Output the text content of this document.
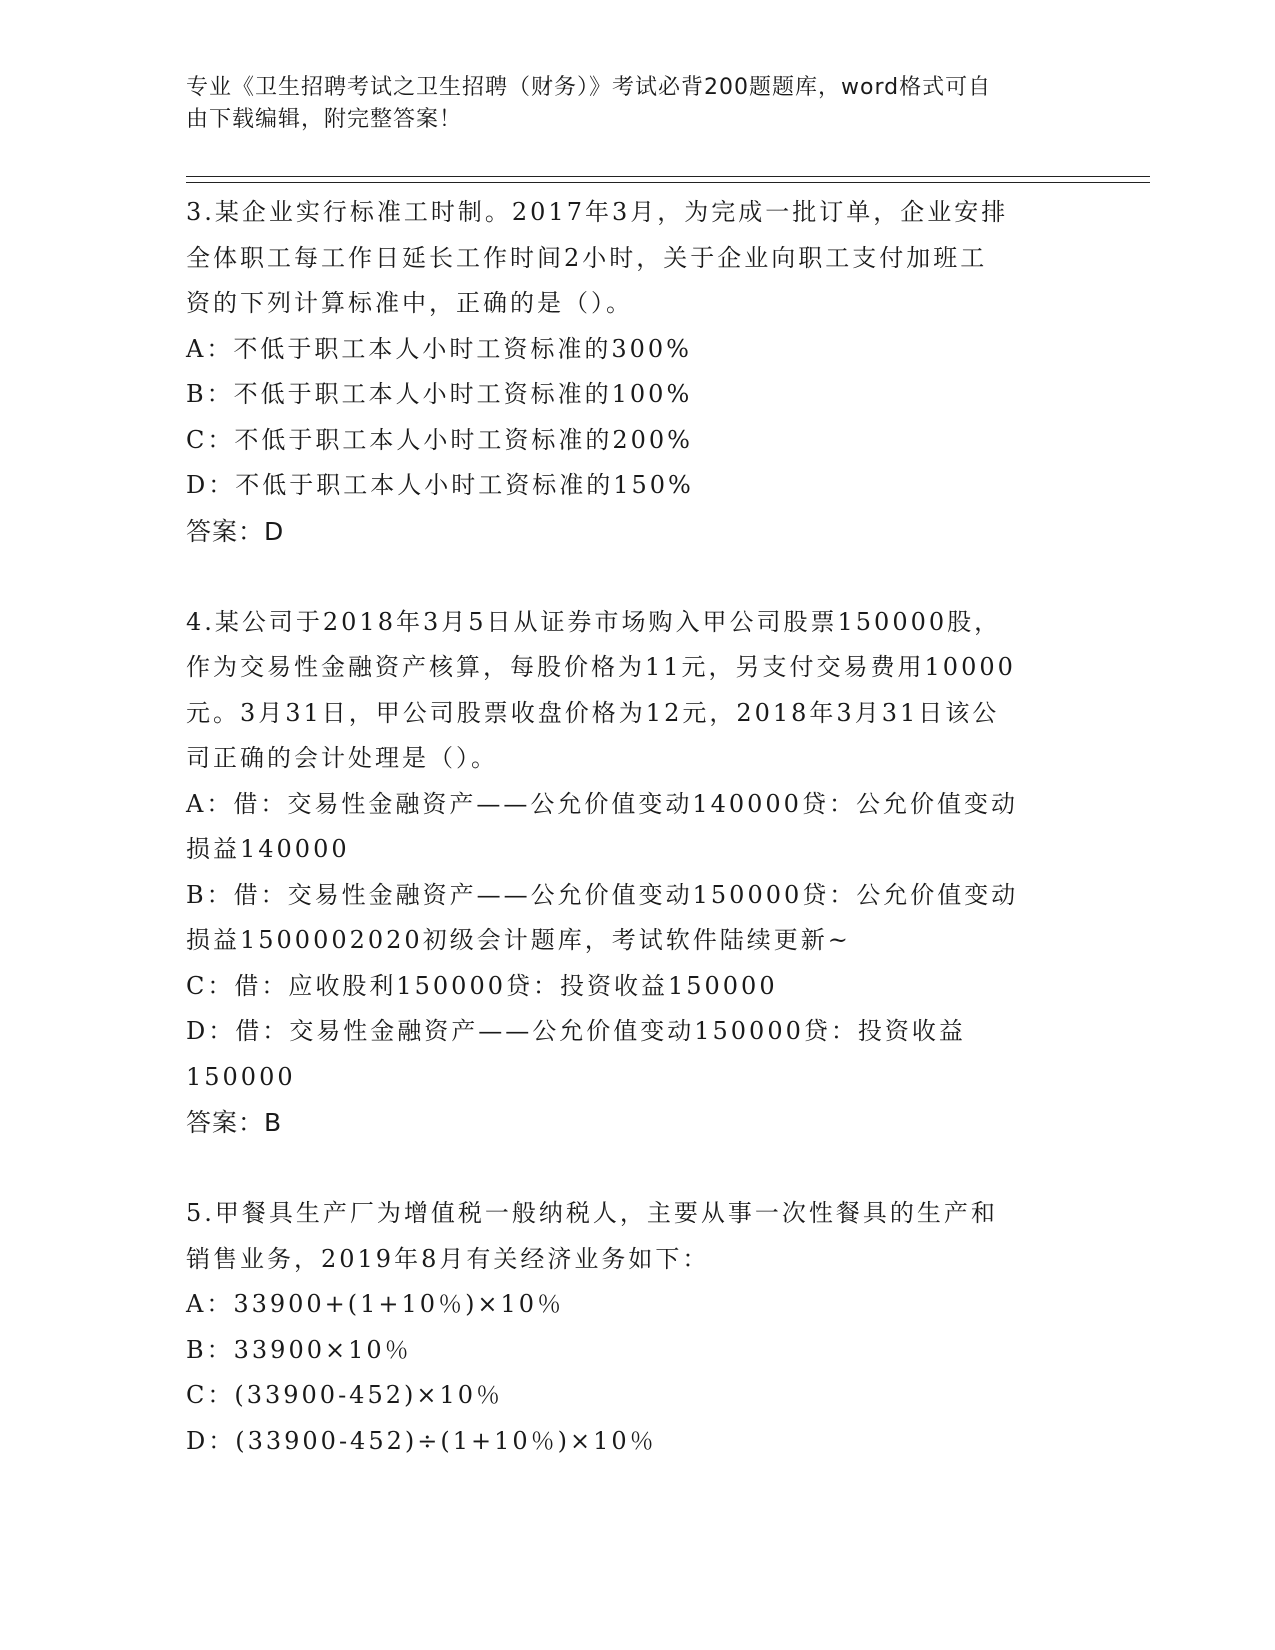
专业《卫生招聘考试之卫生招聘（财务）》考试必背200题题库，word格式可自
由下载编辑，附完整答案！
3.某企业实行标准工时制。2017年3月，为完成一批订单，企业安排
全体职工每工作日延长工作时间2小时，关于企业向职工支付加班工
资的下列计算标准中，正确的是（）。
A：不低于职工本人小时工资标准的300%
B：不低于职工本人小时工资标准的100%
C：不低于职工本人小时工资标准的200%
D：不低于职工本人小时工资标准的150%
答案：D
4.某公司于2018年3月5日从证券市场购入甲公司股票150000股，
作为交易性金融资产核算，每股价格为11元，另支付交易费用10000
元。3月31日，甲公司股票收盘价格为12元，2018年3月31日该公
司正确的会计处理是（）。
A：借：交易性金融资产——公允价值变动140000贷：公允价值变动
损益140000
B：借：交易性金融资产——公允价值变动150000贷：公允价值变动
损益1500002020初级会计题库，考试软件陆续更新~
C：借：应收股利150000贷：投资收益150000
D：借：交易性金融资产——公允价值变动150000贷：投资收益
150000
答案：B
5.甲餐具生产厂为增值税一般纳税人，主要从事一次性餐具的生产和
销售业务，2019年8月有关经济业务如下：
A：33900+(1+10％)×10％
B：33900×10％
C：(33900-452)×10％
D：(33900-452)÷(1+10％)×10％
